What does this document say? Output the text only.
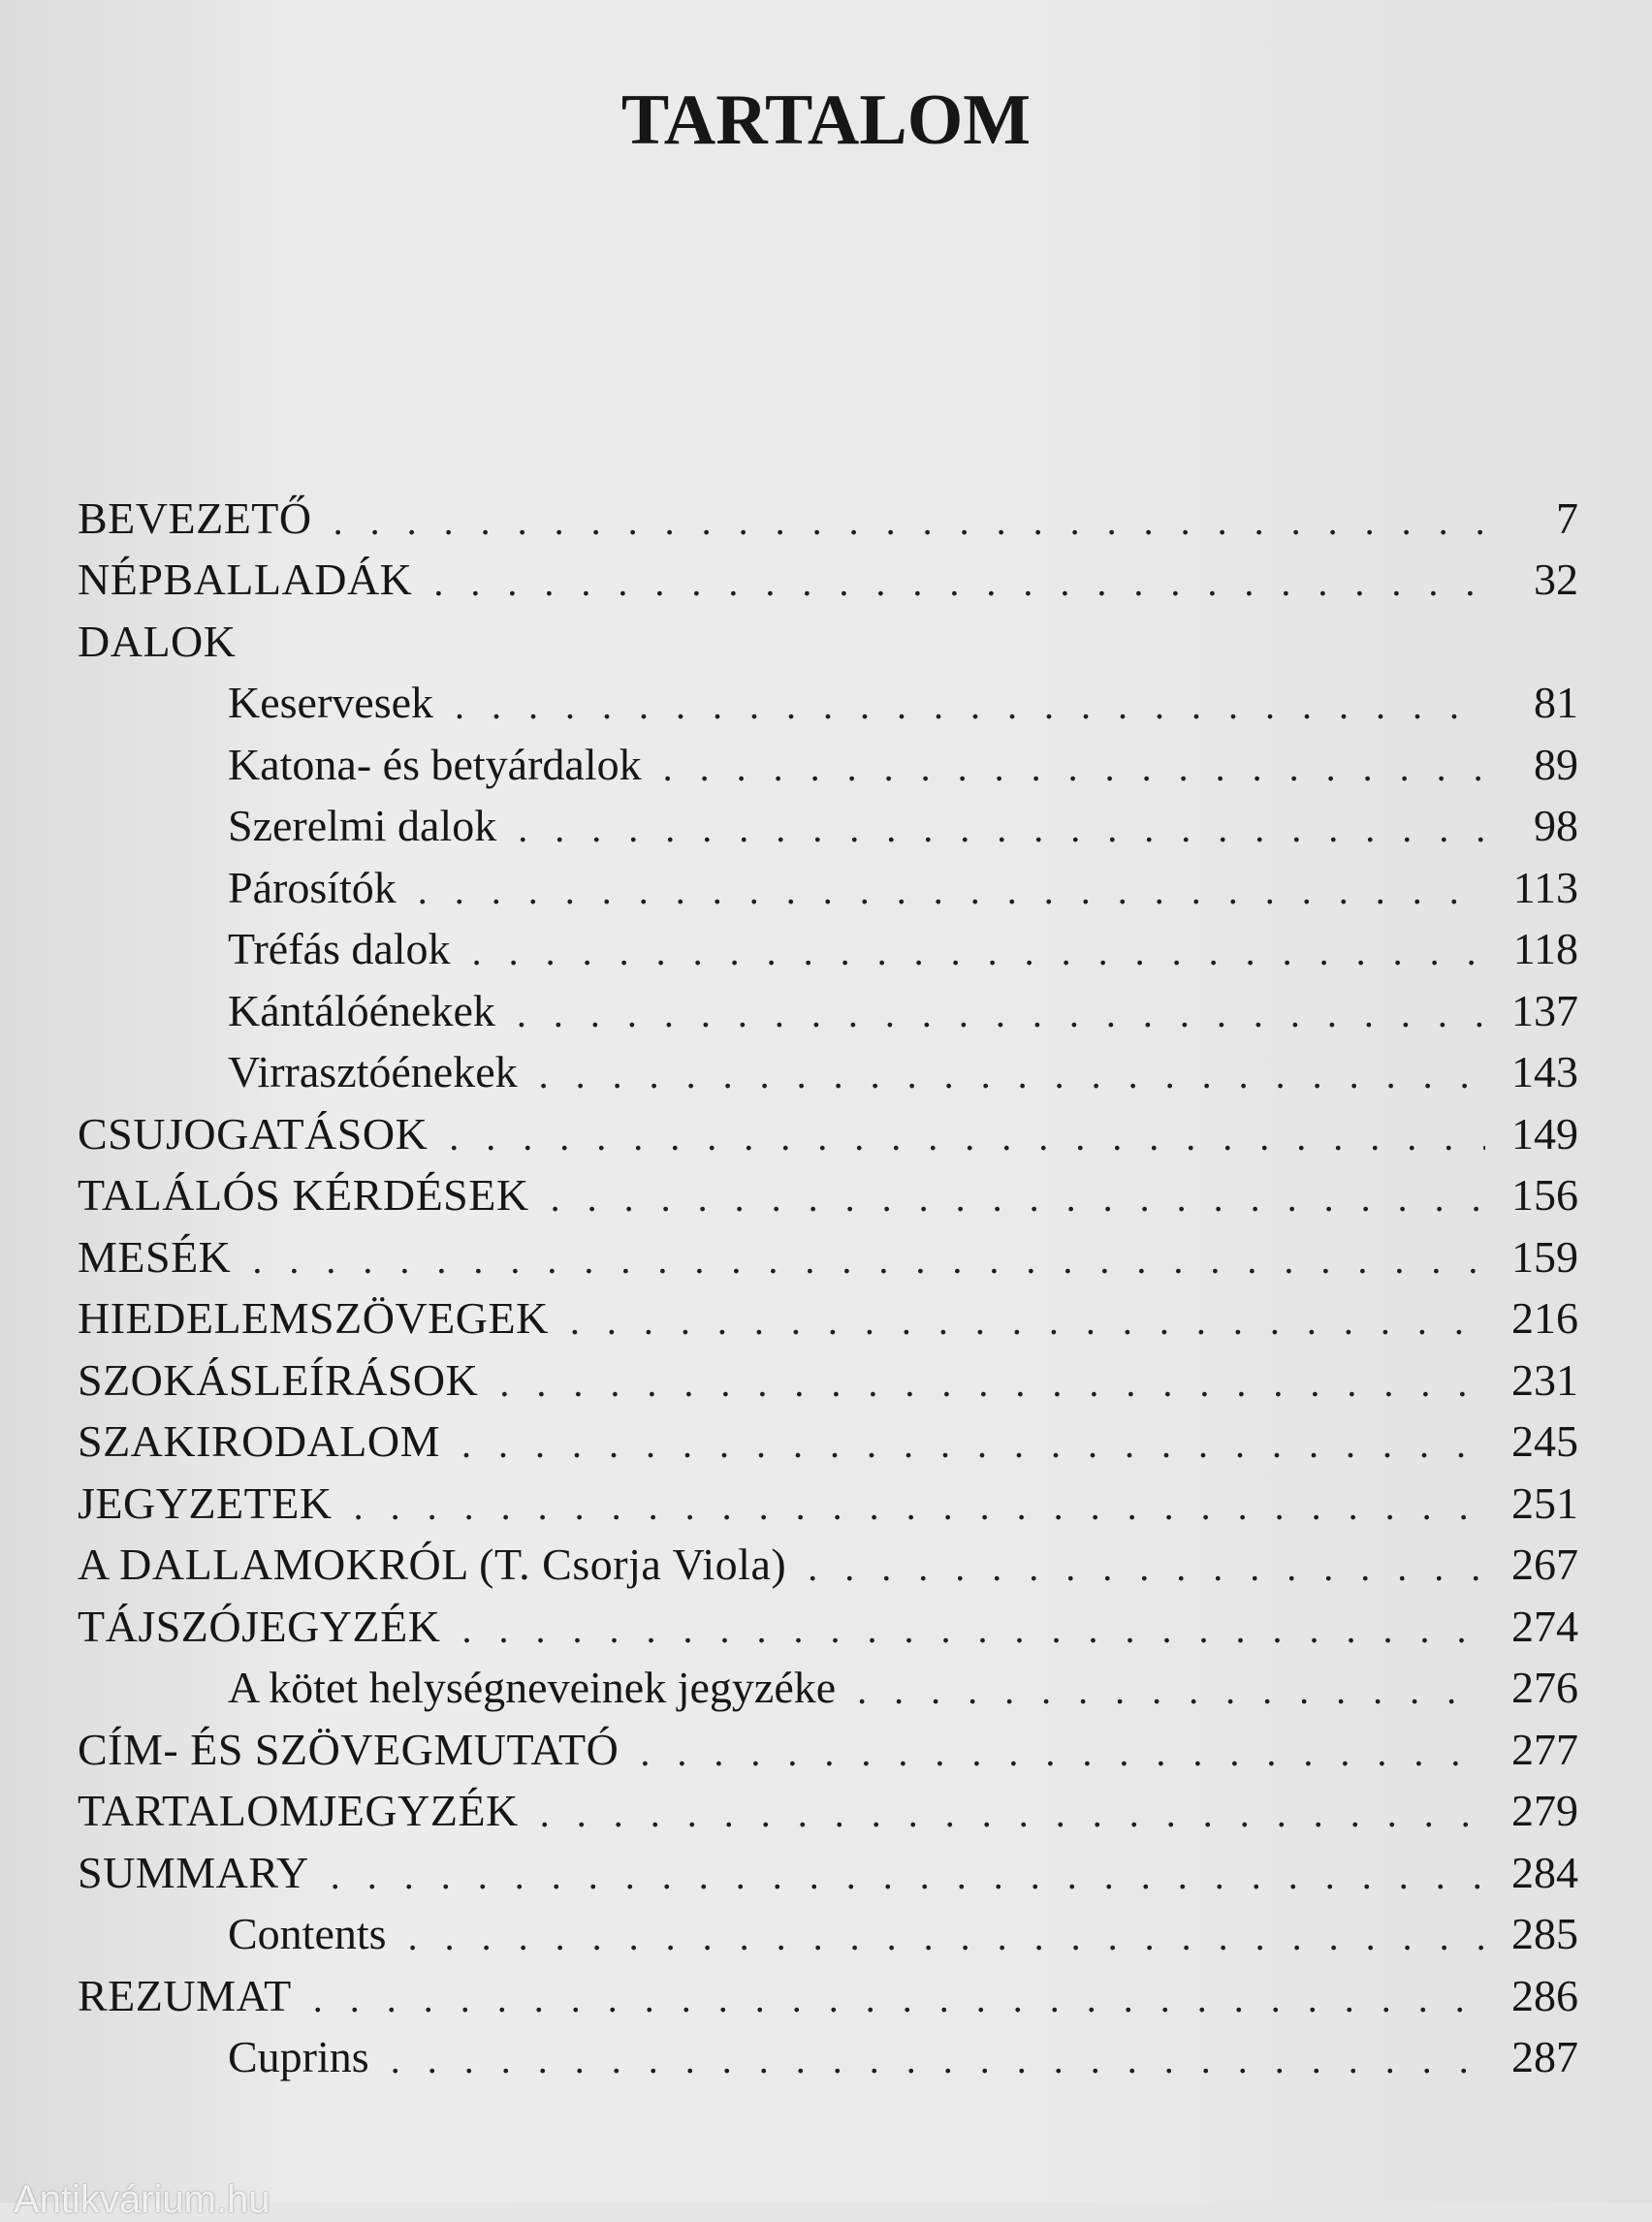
TARTALOM
BEVEZETŐ . . .	7
NÉPBALLADÁK . . .	32
DALOK
Keservesek . . .	81
Katona- és betyárdalok . . .	89
Szerelmi dalok . . .	98
Párosítók . . .	113
Tréfás dalok . . .	118
Kántálóénekek . . .	137
Virrasztóénekek . . .	143
CSUJOGATÁSOK . . .	149
TALÁLÓS KÉRDÉSEK . . .	156
MESÉK . . .	159
HIEDELEMSZÖVEGEK . . .	216
SZOKÁSLEÍRÁSOK . . .	231
SZAKIRODALOM . . .	245
JEGYZETEK . . .	251
A DALLAMOKRÓL (T. Csorja Viola) . . .	267
TÁJSZÓJEGYZÉK . . .	274
A kötet helységneveinek jegyzéke . . .	276
CÍM- ÉS SZÖVEGMUTATÓ . . .	277
TARTALOMJEGYZÉK . . .	279
SUMMARY . . .	284
Contents . . .	285
REZUMAT . . .	286
Cuprins . . .	287

Antikvárium.hu
